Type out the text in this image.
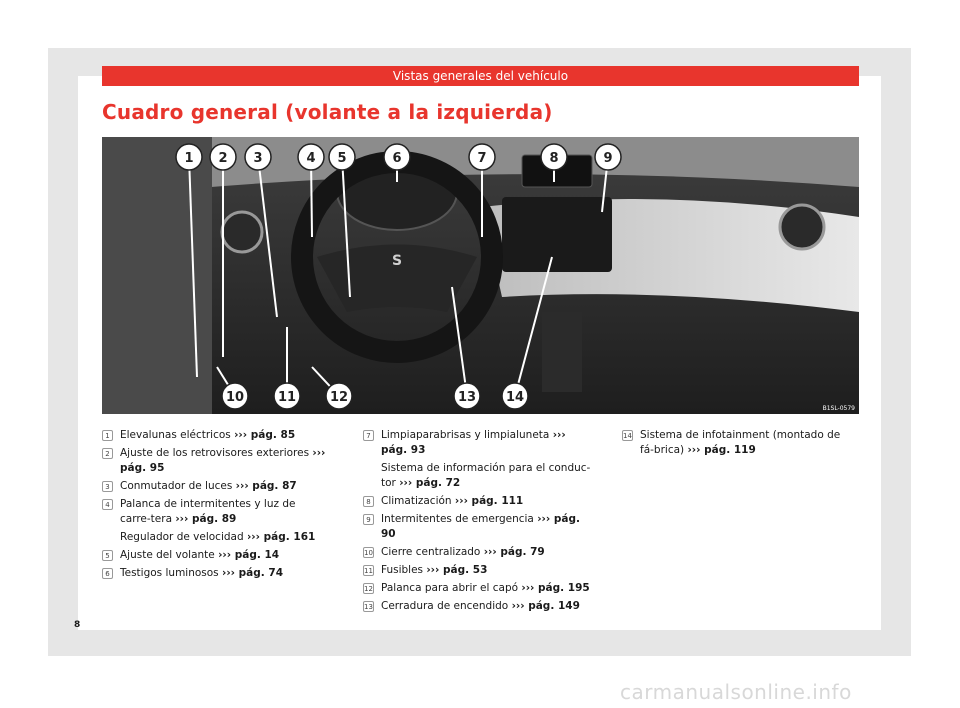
Vistas generales del vehículo
Cuadro general (volante a la izquierda)
S
1 2 3	4 5	6	7	8	9
10	11	12	13 14
B1SL-0579
1 Elevalunas eléctricos ››› pág. 85
2 Ajuste de los retrovisores exteriores ››› pág. 95
3 Conmutador de luces ››› pág. 87
4 Palanca de intermitentes y luz de carre-tera ››› pág. 89
Regulador de velocidad ››› pág. 161
5 Ajuste del volante ››› pág. 14
6 Testigos luminosos ››› pág. 74
7 Limpiaparabrisas y limpialuneta ››› pág. 93
Sistema de información para el conduc-tor ››› pág. 72
8 Climatización ››› pág. 111
9 Intermitentes de emergencia ››› pág. 90
10 Cierre centralizado ››› pág. 79
11 Fusibles ››› pág. 53
12 Palanca para abrir el capó ››› pág. 195
13 Cerradura de encendido ››› pág. 149
14 Sistema de infotainment (montado de fá-brica) ››› pág. 119
8
carmanualsonline.info
